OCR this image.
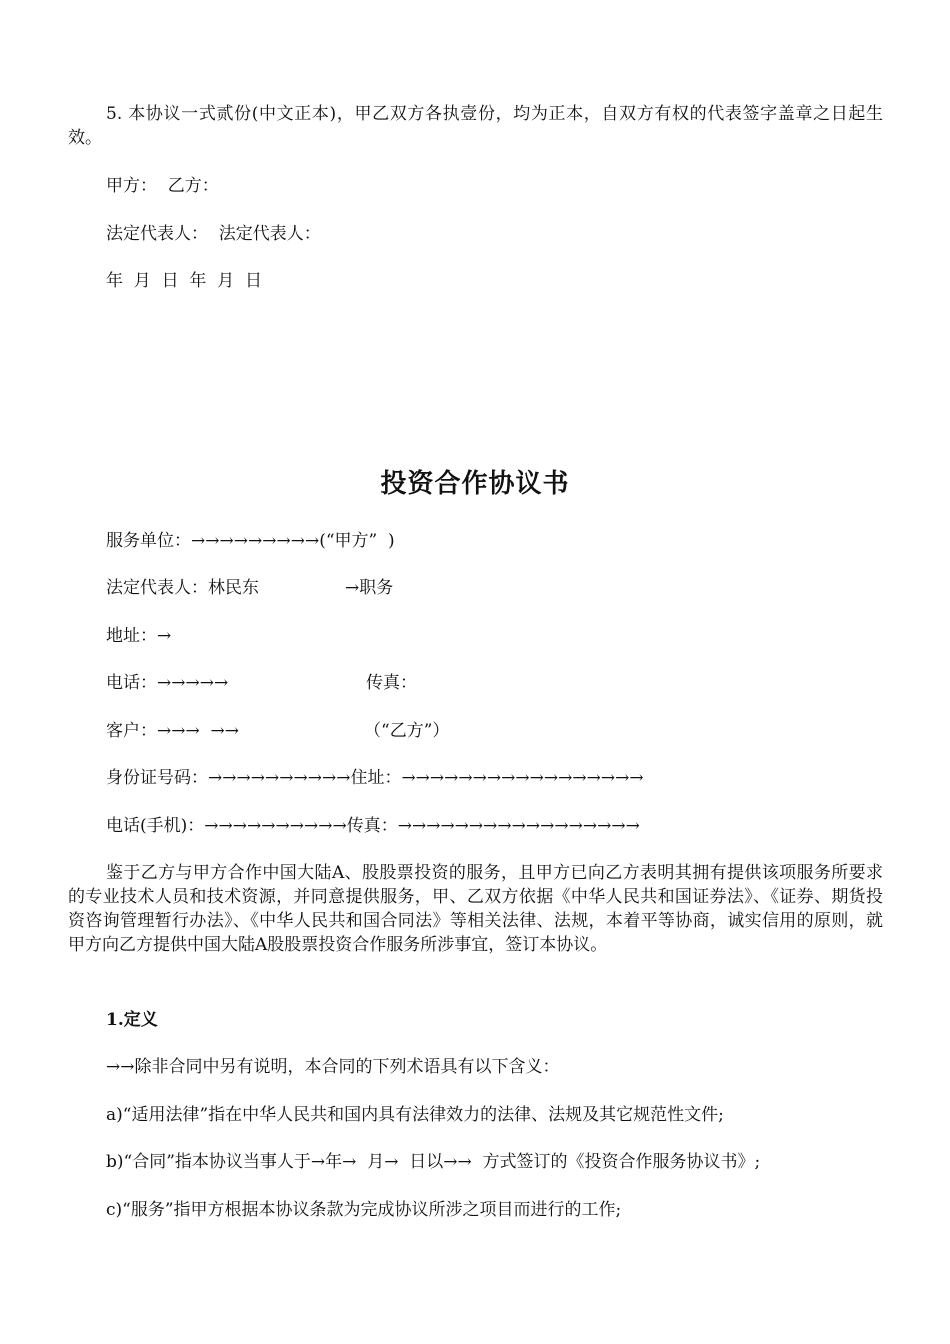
5. 本协议一式贰份(中文正本)，甲乙双方各执壹份，均为正本，自双方有权的代表签字盖章之日起生效。
甲方：  乙方：
法定代表人：  法定代表人：
年  月  日  年  月  日
投资合作协议书
服务单位：→→→→→→→→→(“甲方”  )
法定代表人：林民东	→职务
地址：→
电话：→→→→→	传真：
客户：→→→  →→	（“乙方”）
身份证号码：→→→→→→→→→→住址：→→→→→→→→→→→→→→→→→
电话(手机)：→→→→→→→→→→传真：→→→→→→→→→→→→→→→→→
鉴于乙方与甲方合作中国大陆A、股股票投资的服务，且甲方已向乙方表明其拥有提供该项服务所要求的专业技术人员和技术资源，并同意提供服务，甲、乙双方依据《中华人民共和国证券法》、《证券、期货投资咨询管理暂行办法》、《中华人民共和国合同法》等相关法律、法规，本着平等协商，诚实信用的原则，就甲方向乙方提供中国大陆A股股票投资合作服务所涉事宜，签订本协议。
1.定义
→→除非合同中另有说明，本合同的下列术语具有以下含义：
a)“适用法律”指在中华人民共和国内具有法律效力的法律、法规及其它规范性文件;
b)“合同”指本协议当事人于→年→  月→  日以→→  方式签订的《投资合作服务协议书》;
c)“服务”指甲方根据本协议条款为完成协议所涉之项目而进行的工作;
